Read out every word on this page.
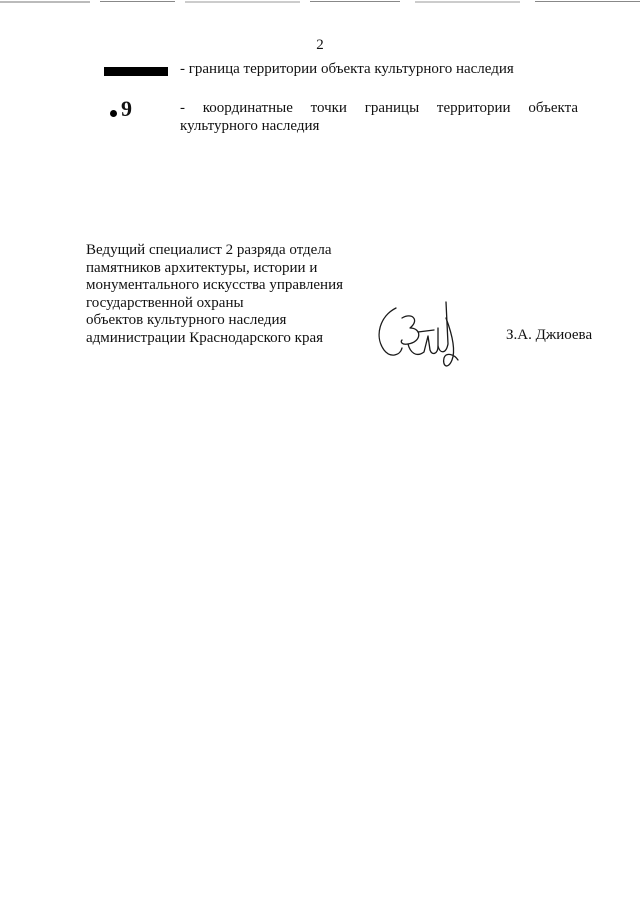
2
- граница территории объекта культурного наследия
9	- координатные точки границы территории объекта культурного наследия
Ведущий специалист 2 разряда отдела
памятников архитектуры, истории и
монументального искусства управления
государственной охраны
объектов культурного наследия
администрации Краснодарского края	З.А. Джиоева
